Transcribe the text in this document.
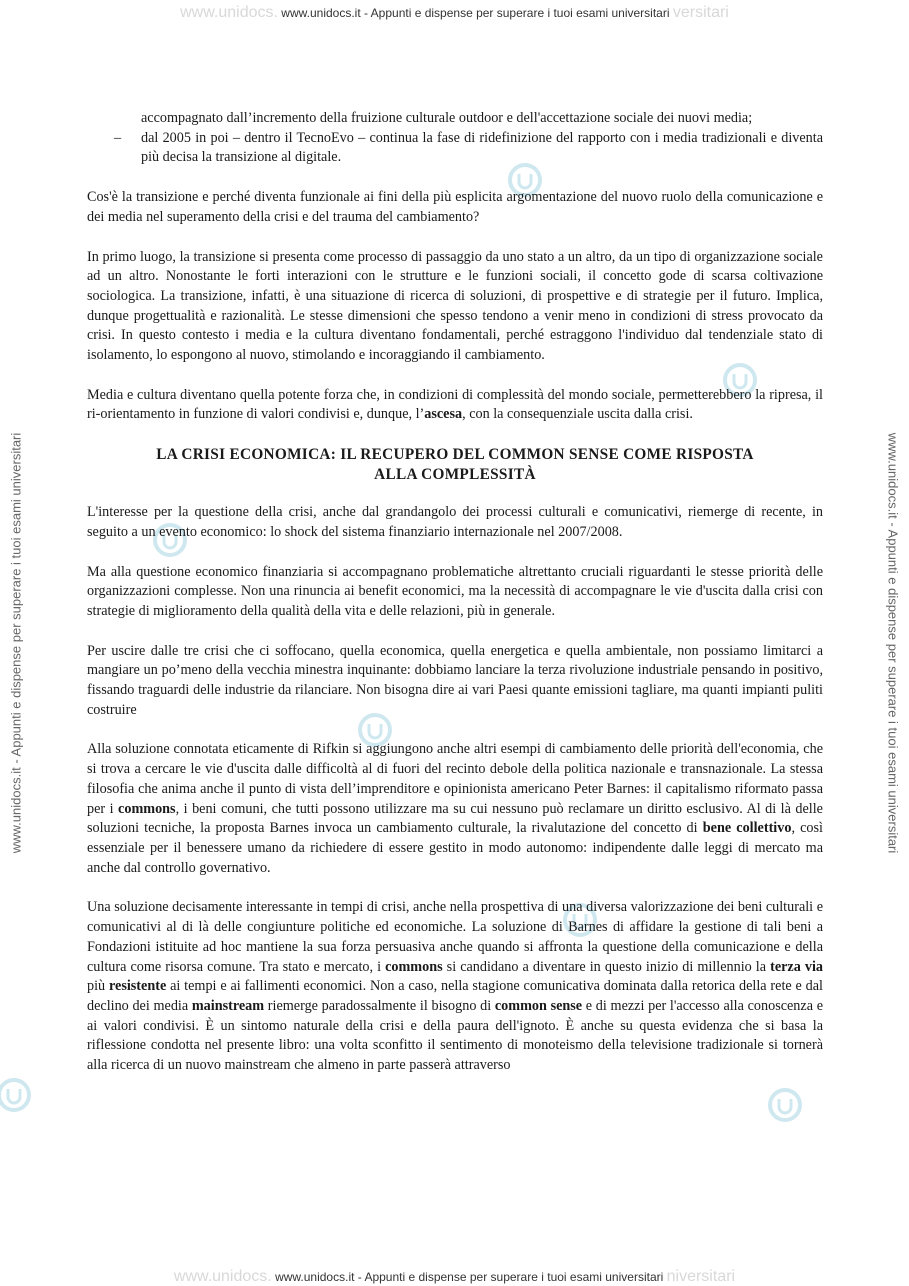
www.unidocs. www.unidocs.it - Appunti e dispense per superare i tuoi esami universitari versitari
www.unidocs. www.unidocs.it - Appunti e dispense per superare i tuoi esami universitari niversitari
www.unidocs.it - Appunti e dispense per superare i tuoi esami universitari	www.unidocs.it - Appunti e dispense per superare i tuoi esami universitari
accompagnato dall’incremento della fruizione culturale outdoor e dell'accettazione sociale dei nuovi media;
– dal 2005 in poi – dentro il TecnoEvo – continua la fase di ridefinizione del rapporto con i media tradizionali e diventa più decisa la transizione al digitale.

Cos'è la transizione e perché diventa funzionale ai fini della più esplicita argomentazione del nuovo ruolo della comunicazione e dei media nel superamento della crisi e del trauma del cambiamento?

In primo luogo, la transizione si presenta come processo di passaggio da uno stato a un altro, da un tipo di organizzazione sociale ad un altro. Nonostante le forti interazioni con le strutture e le funzioni sociali, il concetto gode di scarsa coltivazione sociologica. La transizione, infatti, è una situazione di ricerca di soluzioni, di prospettive e di strategie per il futuro. Implica, dunque progettualità e razionalità. Le stesse dimensioni che spesso tendono a venir meno in condizioni di stress provocato da crisi. In questo contesto i media e la cultura diventano fondamentali, perché estraggono l'individuo dal tendenziale stato di isolamento, lo espongono al nuovo, stimolando e incoraggiando il cambiamento.

Media e cultura diventano quella potente forza che, in condizioni di complessità del mondo sociale, permetterebbero la ripresa, il ri-orientamento in funzione di valori condivisi e, dunque, l’ascesa, con la consequenziale uscita dalla crisi.

LA CRISI ECONOMICA: IL RECUPERO DEL COMMON SENSE COME RISPOSTA
ALLA COMPLESSITÀ

L'interesse per la questione della crisi, anche dal grandangolo dei processi culturali e comunicativi, riemerge di recente, in seguito a un evento economico: lo shock del sistema finanziario internazionale nel 2007/2008.

Ma alla questione economico finanziaria si accompagnano problematiche altrettanto cruciali riguardanti le stesse priorità delle organizzazioni complesse. Non una rinuncia ai benefit economici, ma la necessità di accompagnare le vie d'uscita dalla crisi con strategie di miglioramento della qualità della vita e delle relazioni, più in generale.

Per uscire dalle tre crisi che ci soffocano, quella economica, quella energetica e quella ambientale, non possiamo limitarci a mangiare un po’meno della vecchia minestra inquinante: dobbiamo lanciare la terza rivoluzione industriale pensando in positivo, fissando traguardi delle industrie da rilanciare. Non bisogna dire ai vari Paesi quante emissioni tagliare, ma quanti impianti puliti costruire

Alla soluzione connotata eticamente di Rifkin si aggiungono anche altri esempi di cambiamento delle priorità dell'economia, che si trova a cercare le vie d'uscita dalle difficoltà al di fuori del recinto debole della politica nazionale e transnazionale. La stessa filosofia che anima anche il punto di vista dell’imprenditore e opinionista americano Peter Barnes: il capitalismo riformato passa per i commons, i beni comuni, che tutti possono utilizzare ma su cui nessuno può reclamare un diritto esclusivo. Al di là delle soluzioni tecniche, la proposta Barnes invoca un cambiamento culturale, la rivalutazione del concetto di bene collettivo, così essenziale per il benessere umano da richiedere di essere gestito in modo autonomo: indipendente dalle leggi di mercato ma anche dal controllo governativo.

Una soluzione decisamente interessante in tempi di crisi, anche nella prospettiva di una diversa valorizzazione dei beni culturali e comunicativi al di là delle congiunture politiche ed economiche. La soluzione di Barnes di affidare la gestione di tali beni a Fondazioni istituite ad hoc mantiene la sua forza persuasiva anche quando si affronta la questione della comunicazione e della cultura come risorsa comune. Tra stato e mercato, i commons si candidano a diventare in questo inizio di millennio la terza via più resistente ai tempi e ai fallimenti economici. Non a caso, nella stagione comunicativa dominata dalla retorica della rete e dal declino dei media mainstream riemerge paradossalmente il bisogno di common sense e di mezzi per l'accesso alla conoscenza e ai valori condivisi. È un sintomo naturale della crisi e della paura dell'ignoto. È anche su questa evidenza che si basa la riflessione condotta nel presente libro: una volta sconfitto il sentimento di monoteismo della televisione tradizionale si tornerà alla ricerca di un nuovo mainstream che almeno in parte passerà attraverso
